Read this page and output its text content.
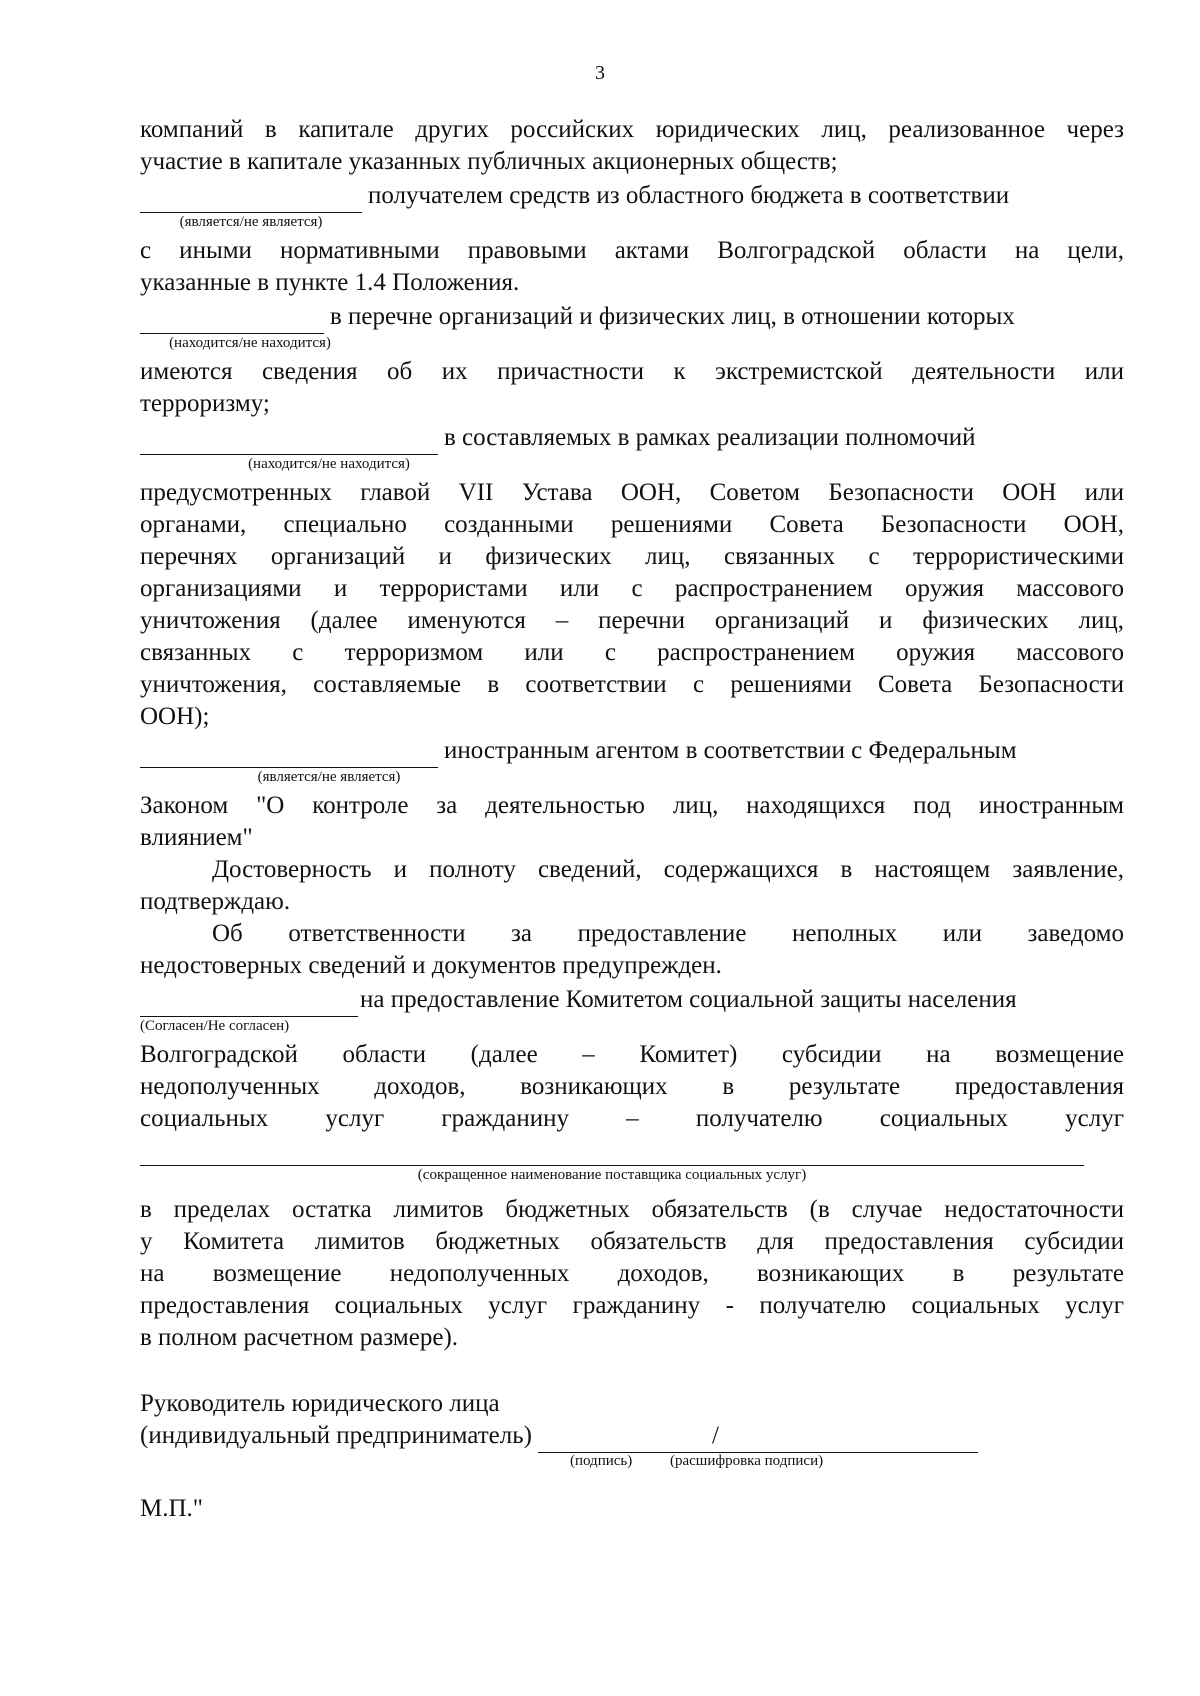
3

компаний в капитале других российских юридических лиц, реализованное через

участие в капитале указанных публичных акционерных обществ;

(является/не является)
получателем средств из областного бюджета в соответствии

с иными нормативными правовыми актами Волгоградской области на цели,

указанные в пункте 1.4 Положения.

(находится/не находится)
в перечне организаций и физических лиц, в отношении которых

имеются сведения об их причастности к экстремистской деятельности или

терроризму;

(находится/не находится)
в составляемых в рамках реализации полномочий

предусмотренных главой VII Устава ООН, Советом Безопасности ООН или

органами, специально созданными решениями Совета Безопасности ООН,

перечнях организаций и физических лиц, связанных с террористическими

организациями и террористами или с распространением оружия массового

уничтожения (далее именуются – перечни организаций и физических лиц,

связанных с терроризмом или с распространением оружия массового

уничтожения, составляемые в соответствии с решениями Совета Безопасности

ООН);

(является/не является)
иностранным агентом в соответствии с Федеральным

Законом "О контроле за деятельностью лиц, находящихся под иностранным

влиянием"

Достоверность и полноту сведений, содержащихся в настоящем заявление,

подтверждаю.

Об ответственности за предоставление неполных или заведомо

недостоверных сведений и документов предупрежден.

(Согласен/Не согласен)
на предоставление Комитетом социальной защиты населения

Волгоградской области (далее – Комитет) субсидии на возмещение

недополученных доходов, возникающих в результате предоставления

социальных услуг гражданину – получателю социальных услуг

(сокращенное наименование поставщика социальных услуг)

в пределах остатка лимитов бюджетных обязательств (в случае недостаточности

у Комитета лимитов бюджетных обязательств для предоставления субсидии

на возмещение недополученных доходов, возникающих в результате

предоставления социальных услуг гражданину - получателю социальных услуг

в полном расчетном размере).

Руководитель юридического лица

(индивидуальный предприниматель)
(подпись)
/
(расшифровка подписи)

М.П."
